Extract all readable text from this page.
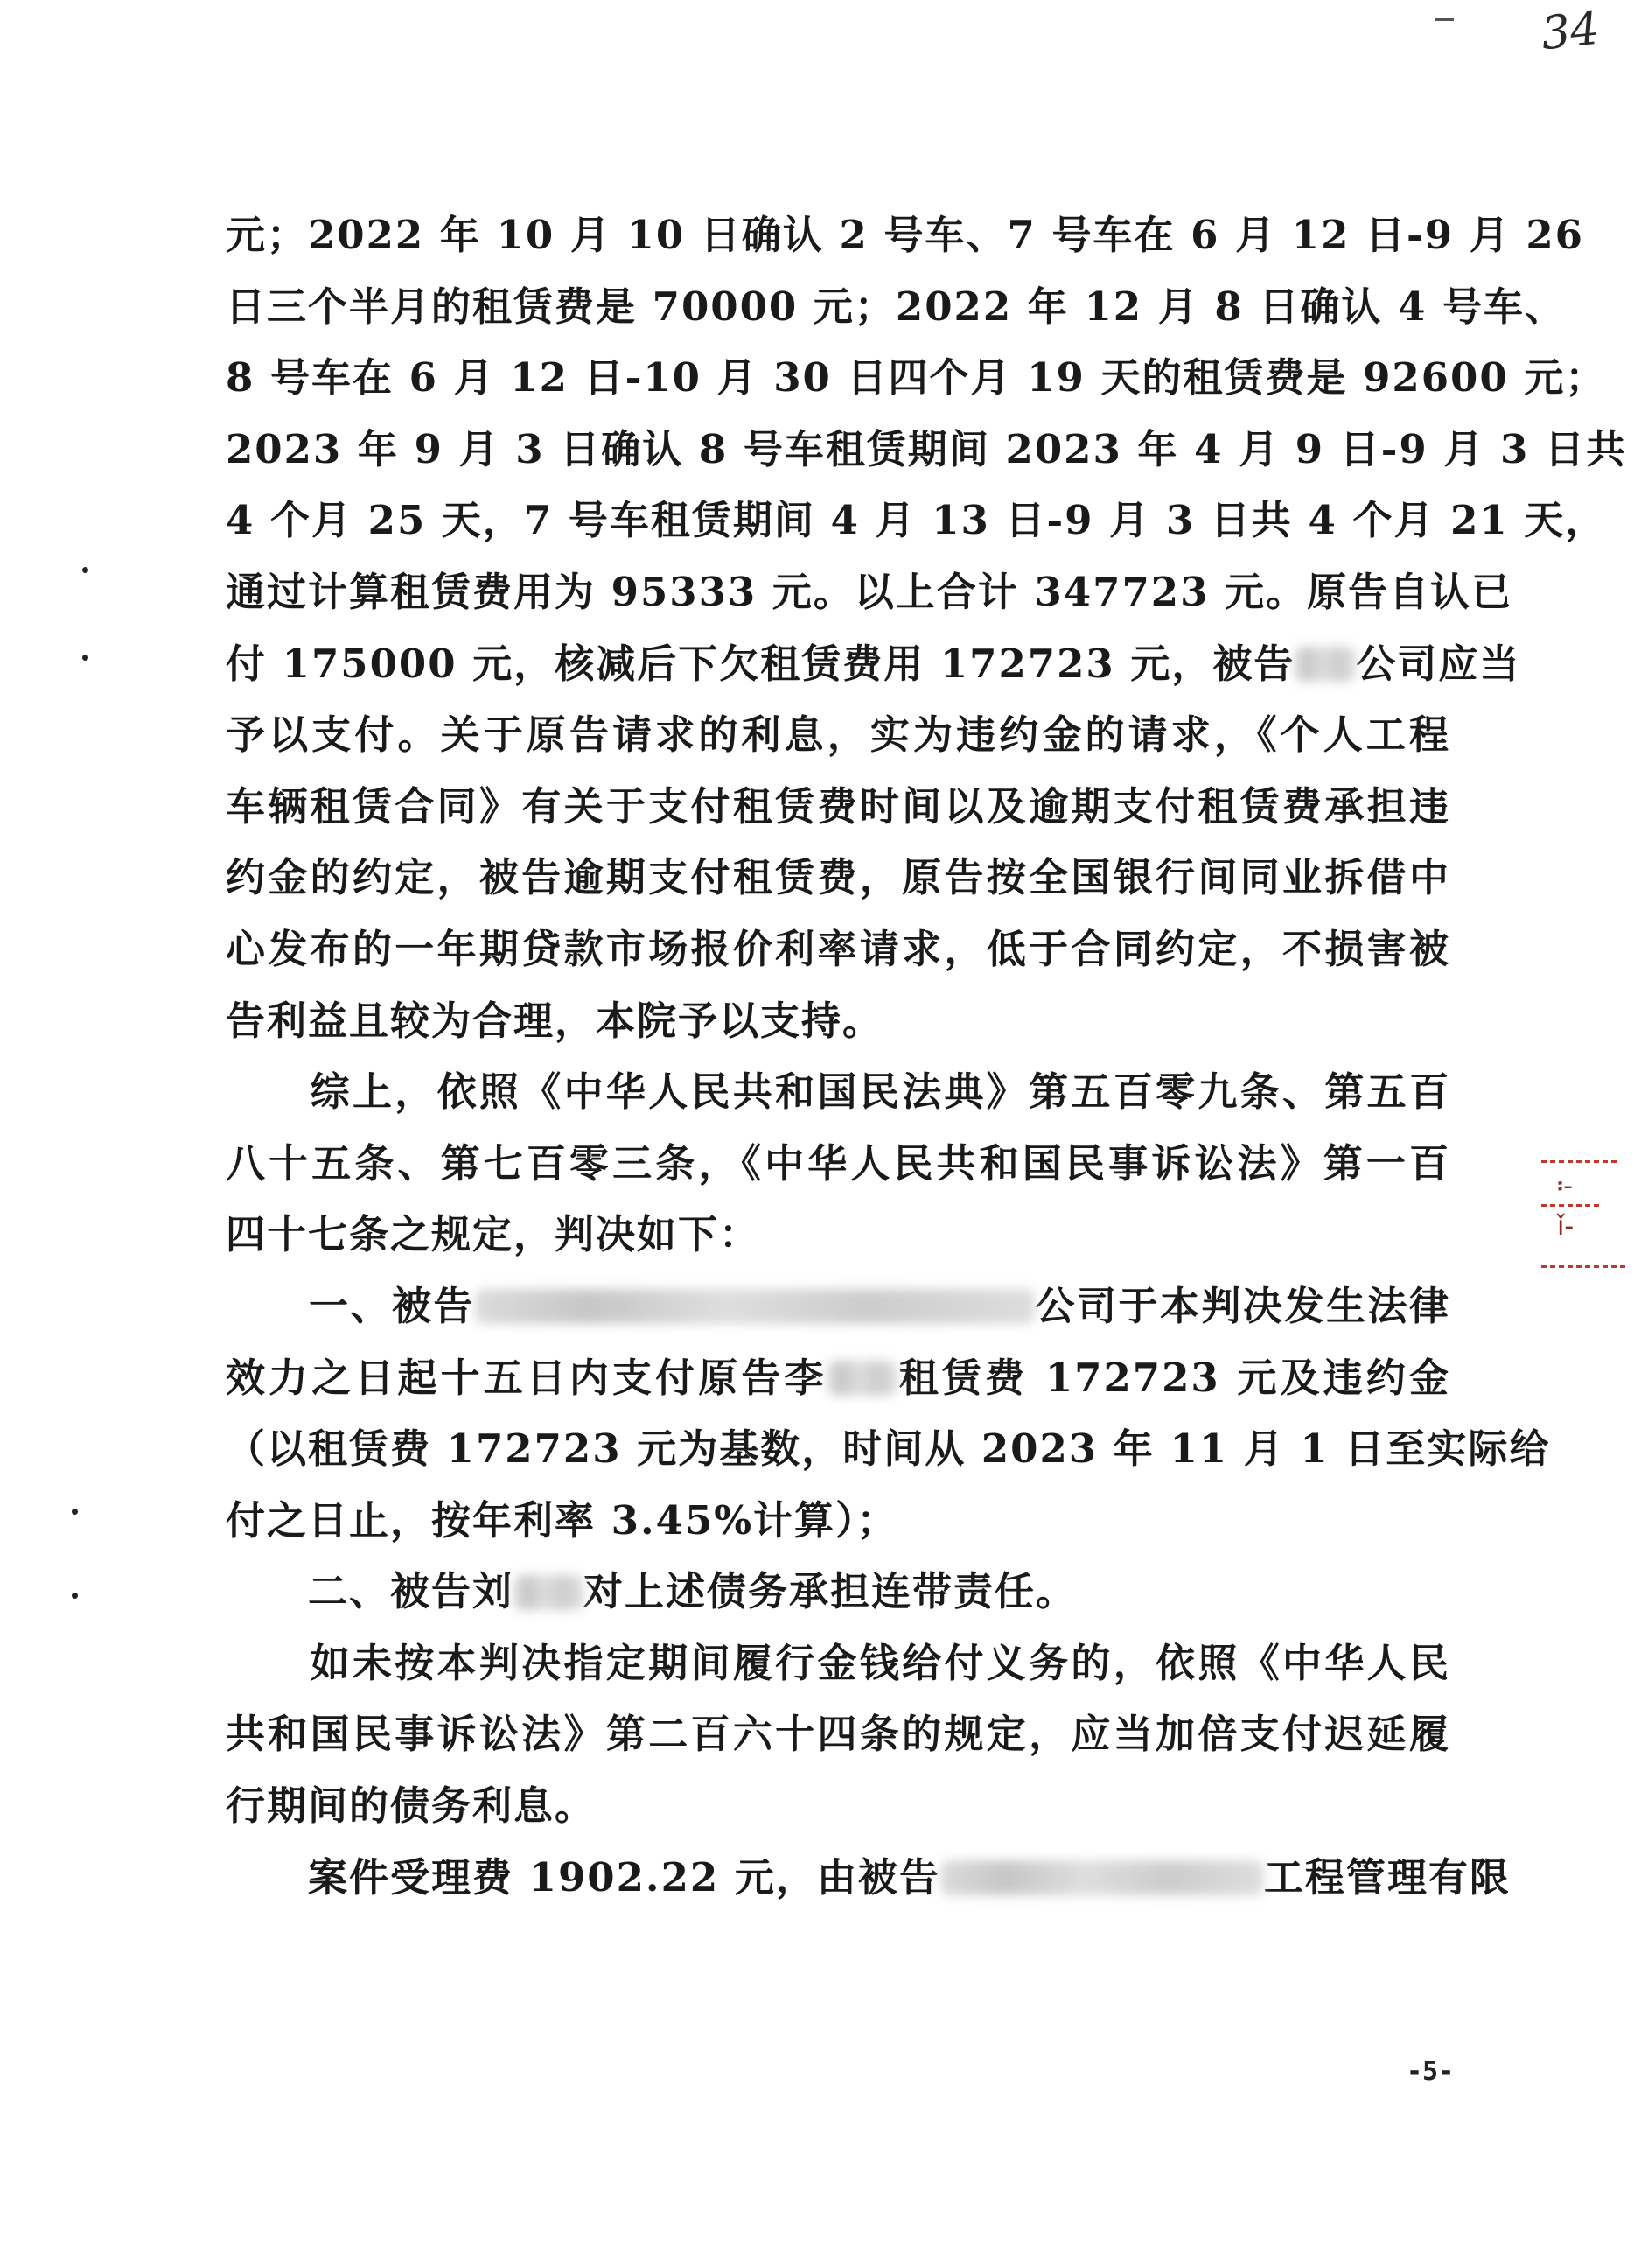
34
፡-
ǐ-
元；2022 年 10 月 10 日确认 2 号车、7 号车在 6 月 12 日-9 月 26
日三个半月的租赁费是 70000 元；2022 年 12 月 8 日确认 4 号车、
8 号车在 6 月 12 日-10 月 30 日四个月 19 天的租赁费是 92600 元；
2023 年 9 月 3 日确认 8 号车租赁期间 2023 年 4 月 9 日-9 月 3 日共
4 个月 25 天，7 号车租赁期间 4 月 13 日-9 月 3 日共 4 个月 21 天，
通过计算租赁费用为 95333 元。以上合计 347723 元。原告自认已
付 175000 元，核减后下欠租赁费用 172723 元，被告 公司应当
予以支付。关于原告请求的利息，实为违约金的请求，《个人工程
车辆租赁合同》有关于支付租赁费时间以及逾期支付租赁费承担违
约金的约定，被告逾期支付租赁费，原告按全国银行间同业拆借中
心发布的一年期贷款市场报价利率请求，低于合同约定，不损害被
告利益且较为合理，本院予以支持。
　　综上，依照《中华人民共和国民法典》第五百零九条、第五百
八十五条、第七百零三条，《中华人民共和国民事诉讼法》第一百
四十七条之规定，判决如下：
　　一、被告	公司于本判决发生法律
效力之日起十五日内支付原告李 租赁费 172723 元及违约金
（以租赁费 172723 元为基数，时间从 2023 年 11 月 1 日至实际给
付之日止，按年利率 3.45%计算）；
　　二、被告刘 对上述债务承担连带责任。
　　如未按本判决指定期间履行金钱给付义务的，依照《中华人民
共和国民事诉讼法》第二百六十四条的规定，应当加倍支付迟延履
行期间的债务利息。
　　案件受理费 1902.22 元，由被告	工程管理有限
-5-
